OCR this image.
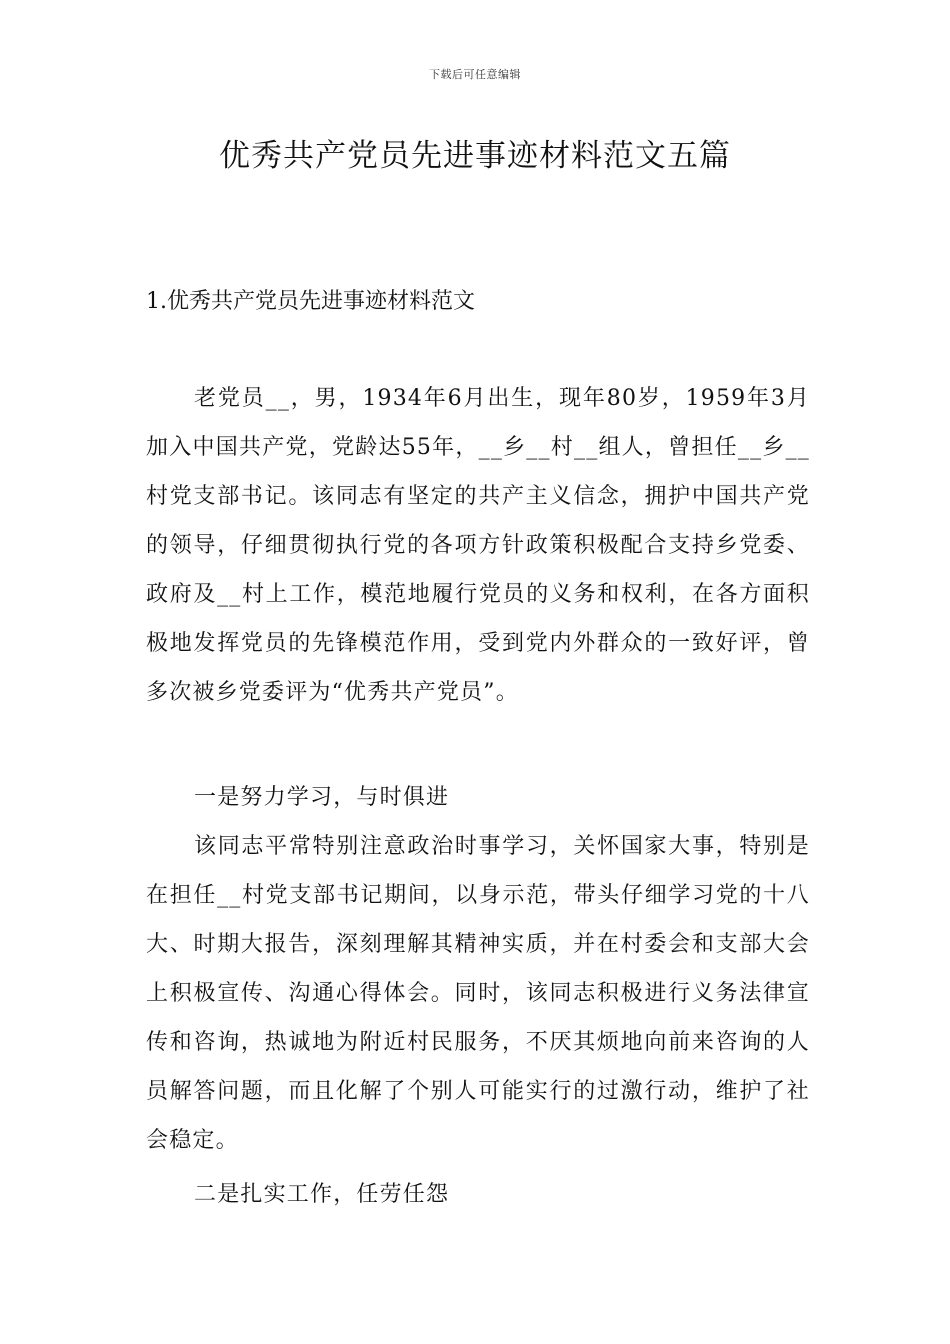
下载后可任意编辑
优秀共产党员先进事迹材料范文五篇
1.优秀共产党员先进事迹材料范文

老党员__，男，1934年6月出生，现年80岁，1959年3月加入中国共产党，党龄达55年，__乡__村__组人，曾担任__乡__村党支部书记。该同志有坚定的共产主义信念，拥护中国共产党的领导，仔细贯彻执行党的各项方针政策积极配合支持乡党委、政府及__村上工作，模范地履行党员的义务和权利，在各方面积极地发挥党员的先锋模范作用，受到党内外群众的一致好评，曾多次被乡党委评为“优秀共产党员”。

一是努力学习，与时俱进

该同志平常特别注意政治时事学习，关怀国家大事，特别是在担任__村党支部书记期间，以身示范，带头仔细学习党的十八大、时期大报告，深刻理解其精神实质，并在村委会和支部大会上积极宣传、沟通心得体会。同时，该同志积极进行义务法律宣传和咨询，热诚地为附近村民服务，不厌其烦地向前来咨询的人员解答问题，而且化解了个别人可能实行的过激行动，维护了社会稳定。

二是扎实工作，任劳任怨
